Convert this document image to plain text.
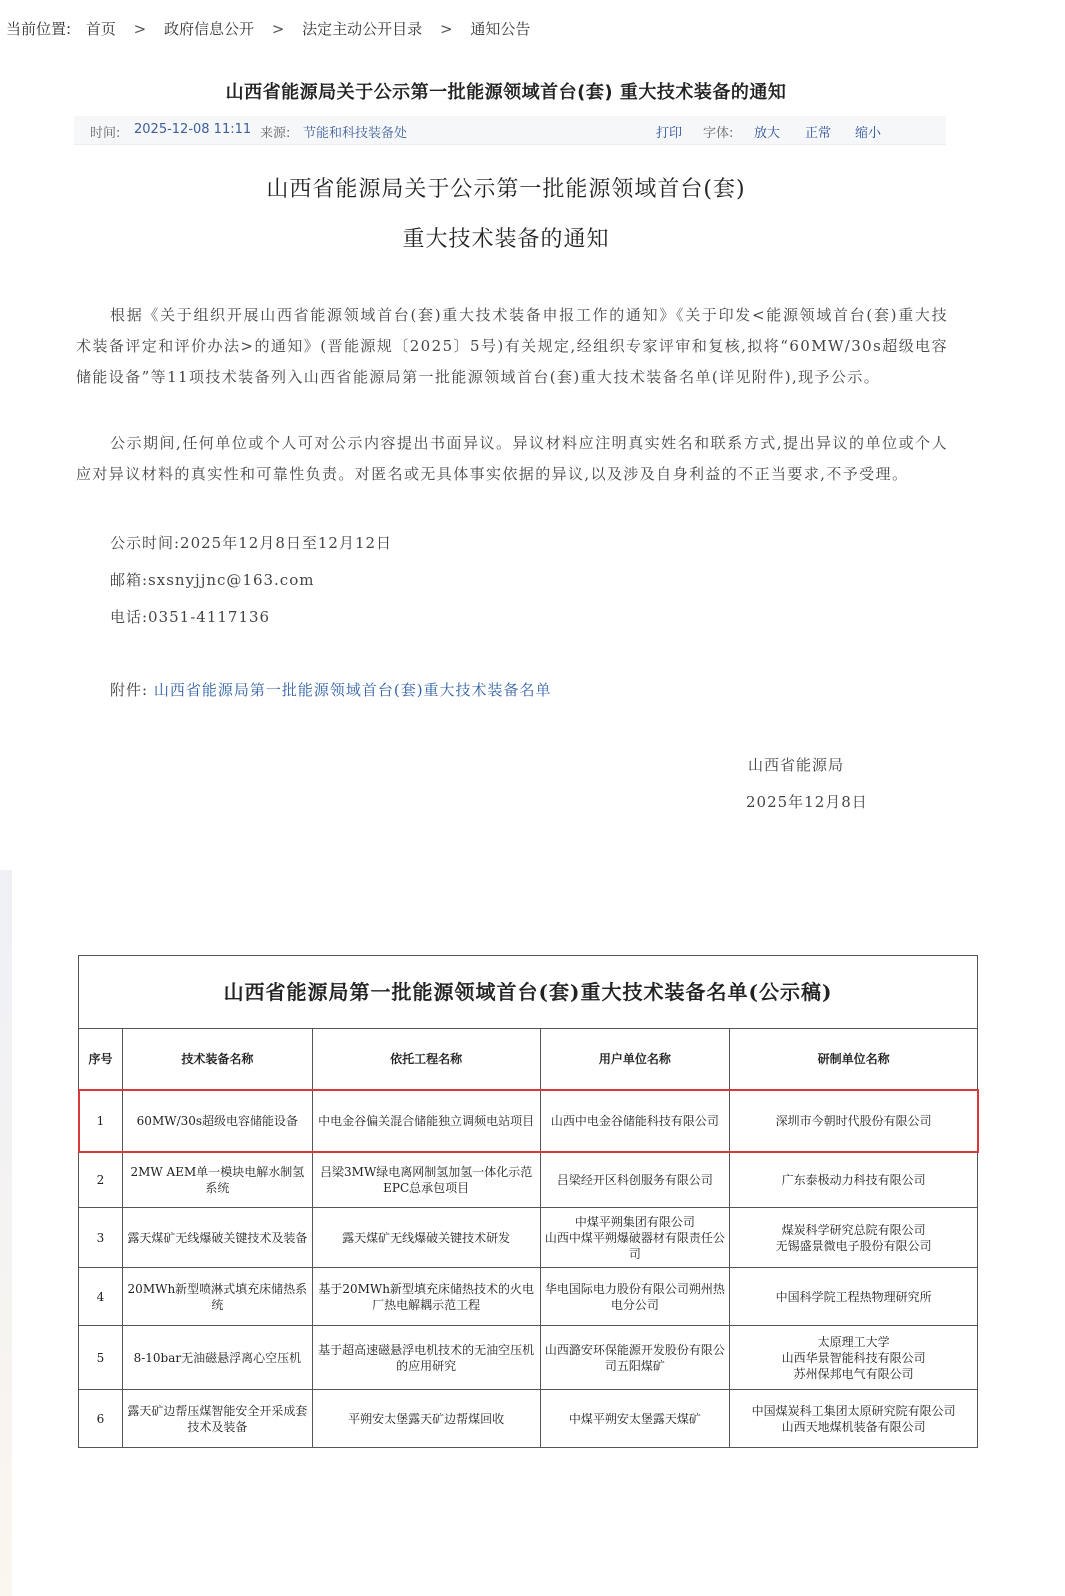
当前位置: 首页 > 政府信息公开 > 法定主动公开目录 > 通知公告
山西省能源局关于公示第一批能源领域首台(套) 重大技术装备的通知
时间: 2025-12-08 11:11 来源: 节能和科技装备处	打印 字体: 放大 正常 缩小
山西省能源局关于公示第一批能源领域首台(套)
重大技术装备的通知
根据《关于组织开展山西省能源领域首台(套)重大技术装备申报工作的通知》《关于印发<能源领域首台(套)重大技术装备评定和评价办法>的通知》(晋能源规〔2025〕5号)有关规定,经组织专家评审和复核,拟将“60MW/30s超级电容储能设备”等11项技术装备列入山西省能源局第一批能源领域首台(套)重大技术装备名单(详见附件),现予公示。
公示期间,任何单位或个人可对公示内容提出书面异议。异议材料应注明真实姓名和联系方式,提出异议的单位或个人应对异议材料的真实性和可靠性负责。对匿名或无具体事实依据的异议,以及涉及自身利益的不正当要求,不予受理。
公示时间:2025年12月8日至12月12日
邮箱:sxsnyjjnc@163.com
电话:0351-4117136
附件: 山西省能源局第一批能源领域首台(套)重大技术装备名单
山西省能源局
2025年12月8日
山西省能源局第一批能源领域首台(套)重大技术装备名单(公示稿)				
序号	技术装备名称	依托工程名称	用户单位名称	研制单位名称
1	60MW/30s超级电容储能设备	中电金谷偏关混合储能独立调频电站项目	山西中电金谷储能科技有限公司	深圳市今朝时代股份有限公司
2	2MW AEM单一模块电解水制氢系统	吕梁3MW绿电离网制氢加氢一体化示范EPC总承包项目	吕梁经开区科创服务有限公司	广东泰极动力科技有限公司
3	露天煤矿无线爆破关键技术及装备	露天煤矿无线爆破关键技术研发	中煤平朔集团有限公司
山西中煤平朔爆破器材有限责任公司	煤炭科学研究总院有限公司
无锡盛景微电子股份有限公司
4	20MWh新型喷淋式填充床储热系统	基于20MWh新型填充床储热技术的火电厂热电解耦示范工程	华电国际电力股份有限公司朔州热电分公司	中国科学院工程热物理研究所
5	8-10bar无油磁悬浮离心空压机	基于超高速磁悬浮电机技术的无油空压机的应用研究	山西潞安环保能源开发股份有限公司五阳煤矿	太原理工大学
山西华景智能科技有限公司
苏州保邦电气有限公司
6	露天矿边帮压煤智能安全开采成套技术及装备	平朔安太堡露天矿边帮煤回收	中煤平朔安太堡露天煤矿	中国煤炭科工集团太原研究院有限公司
山西天地煤机装备有限公司
